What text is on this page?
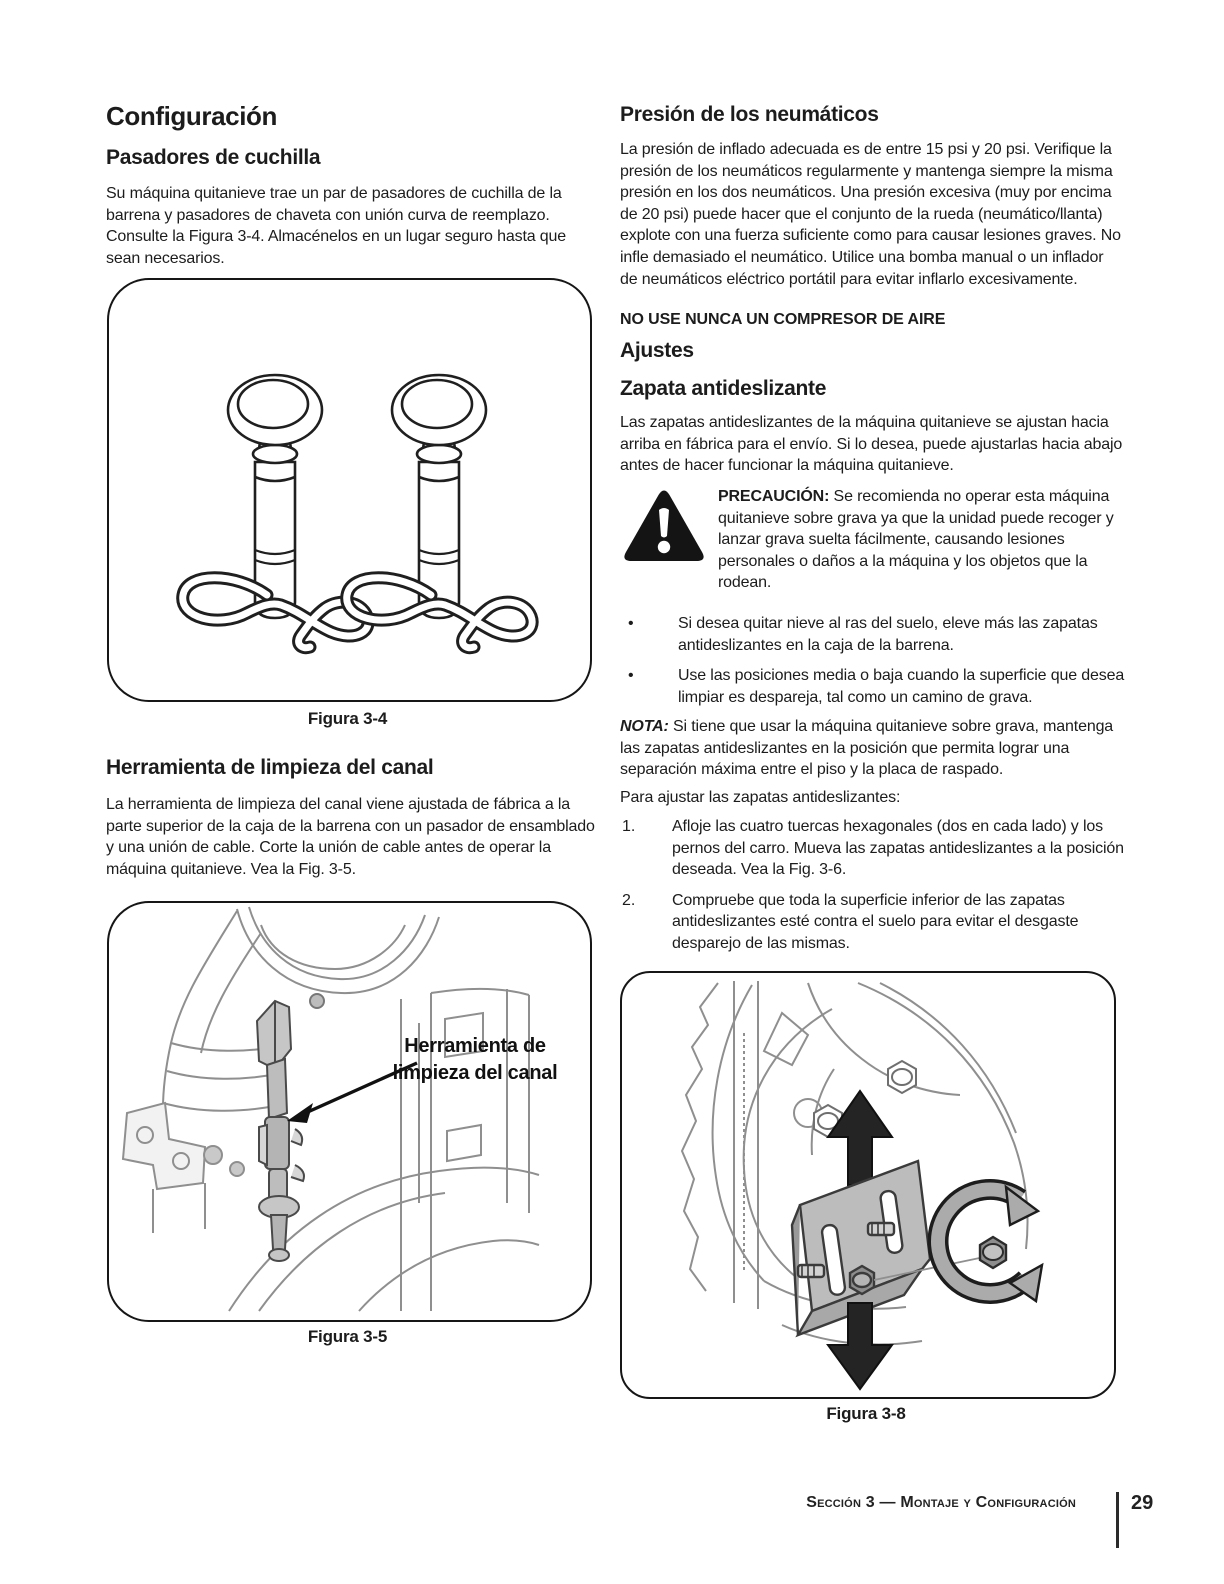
Configuración
Pasadores de cuchilla

Su máquina quitanieve trae un par de pasadores de cuchilla de la barrena y pasadores de chaveta con unión curva de reemplazo. Consulte la Figura 3-4. Almacénelos en un lugar seguro hasta que sean necesarios.

Figura 3-4
Herramienta de limpieza del canal

La herramienta de limpieza del canal viene ajustada de fábrica a la parte superior de la caja de la barrena con un pasador de ensamblado y una unión de cable. Corte la unión de cable antes de operar la máquina quitanieve. Vea la Fig. 3-5.

Herramienta de
limpieza del canal
Figura 3-5
Presión de los neumáticos

La presión de inflado adecuada es de entre 15 psi y 20 psi. Verifique la presión de los neumáticos regularmente y mantenga siempre la misma presión en los dos neumáticos. Una presión excesiva (muy por encima de 20 psi) puede hacer que el conjunto de la rueda (neumático/llanta) explote con una fuerza suficiente como para causar lesiones graves. No infle demasiado el neumático. Utilice una bomba manual o un inflador de neumáticos eléctrico portátil para evitar inflarlo excesivamente.

NO USE NUNCA UN COMPRESOR DE AIRE
Ajustes
Zapata antideslizante

Las zapatas antideslizantes de la máquina quitanieve se ajustan hacia arriba en fábrica para el envío. Si lo desea, puede ajustarlas hacia abajo antes de hacer funcionar la máquina quitanieve.

PRECAUCIÓN: Se recomienda no operar esta máquina quitanieve sobre grava ya que la unidad puede recoger y lanzar grava suelta fácilmente, causando lesiones personales o daños a la máquina y los objetos que la rodean.

•	Si desea quitar nieve al ras del suelo, eleve más las zapatas antideslizantes en la caja de la barrena.
•	Use las posiciones media o baja cuando la superficie que desea limpiar es despareja, tal como un camino de grava.

NOTA: Si tiene que usar la máquina quitanieve sobre grava, mantenga las zapatas antideslizantes en la posición que permita lograr una separación máxima entre el piso y la placa de raspado.

Para ajustar las zapatas antideslizantes:

1.	Afloje las cuatro tuercas hexagonales (dos en cada lado) y los pernos del carro. Mueva las zapatas antideslizantes a la posición deseada. Vea la Fig. 3-6.
2.	Compruebe que toda la superficie inferior de las zapatas antideslizantes esté contra el suelo para evitar el desgaste desparejo de las mismas.
Figura 3-8
Sección 3 — Montaje y Configuración	29
